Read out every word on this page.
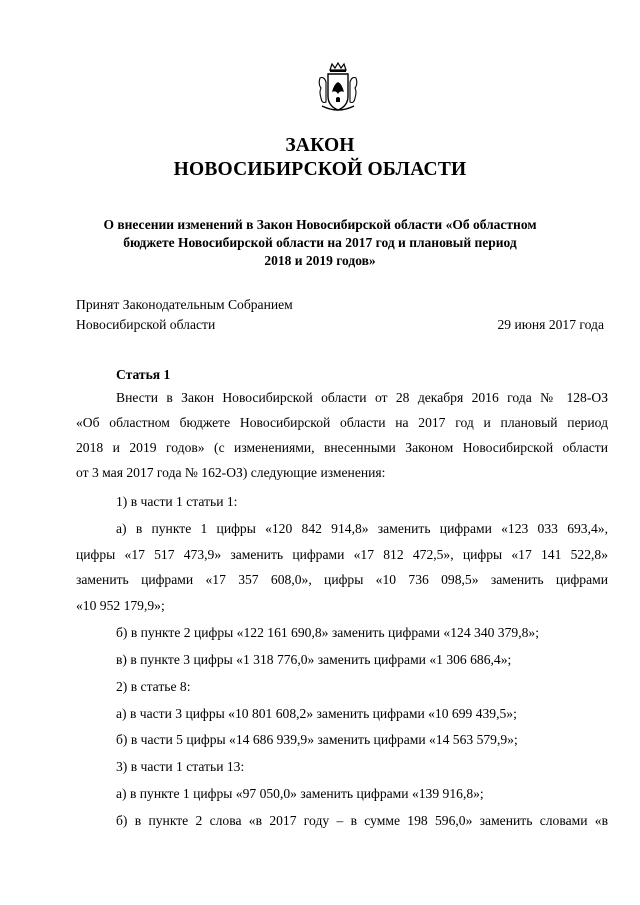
ЗАКОН
НОВОСИБИРСКОЙ ОБЛАСТИ
О внесении изменений в Закон Новосибирской области «Об областном
бюджете Новосибирской области на 2017 год и плановый период
2018 и 2019 годов»
Принят Законодательным Собранием
Новосибирской области	29 июня 2017 года
Статья 1
Внести в Закон Новосибирской области от 28 декабря 2016 года № 128-ОЗ
«Об областном бюджете Новосибирской области на 2017 год и плановый период
2018 и 2019 годов» (с изменениями, внесенными Законом Новосибирской области
от 3 мая 2017 года № 162-ОЗ) следующие изменения:
1) в части 1 статьи 1:
а) в пункте 1 цифры «120 842 914,8» заменить цифрами «123 033 693,4»,
цифры «17 517 473,9» заменить цифрами «17 812 472,5», цифры «17 141 522,8»
заменить цифрами «17 357 608,0», цифры «10 736 098,5» заменить цифрами
«10 952 179,9»;
б) в пункте 2 цифры «122 161 690,8» заменить цифрами «124 340 379,8»;
в) в пункте 3 цифры «1 318 776,0» заменить цифрами «1 306 686,4»;
2) в статье 8:
а) в части 3 цифры «10 801 608,2» заменить цифрами «10 699 439,5»;
б) в части 5 цифры «14 686 939,9» заменить цифрами «14 563 579,9»;
3) в части 1 статьи 13:
а) в пункте 1 цифры «97 050,0» заменить цифрами «139 916,8»;
б) в пункте 2 слова «в 2017 году – в сумме 198 596,0» заменить словами «в
